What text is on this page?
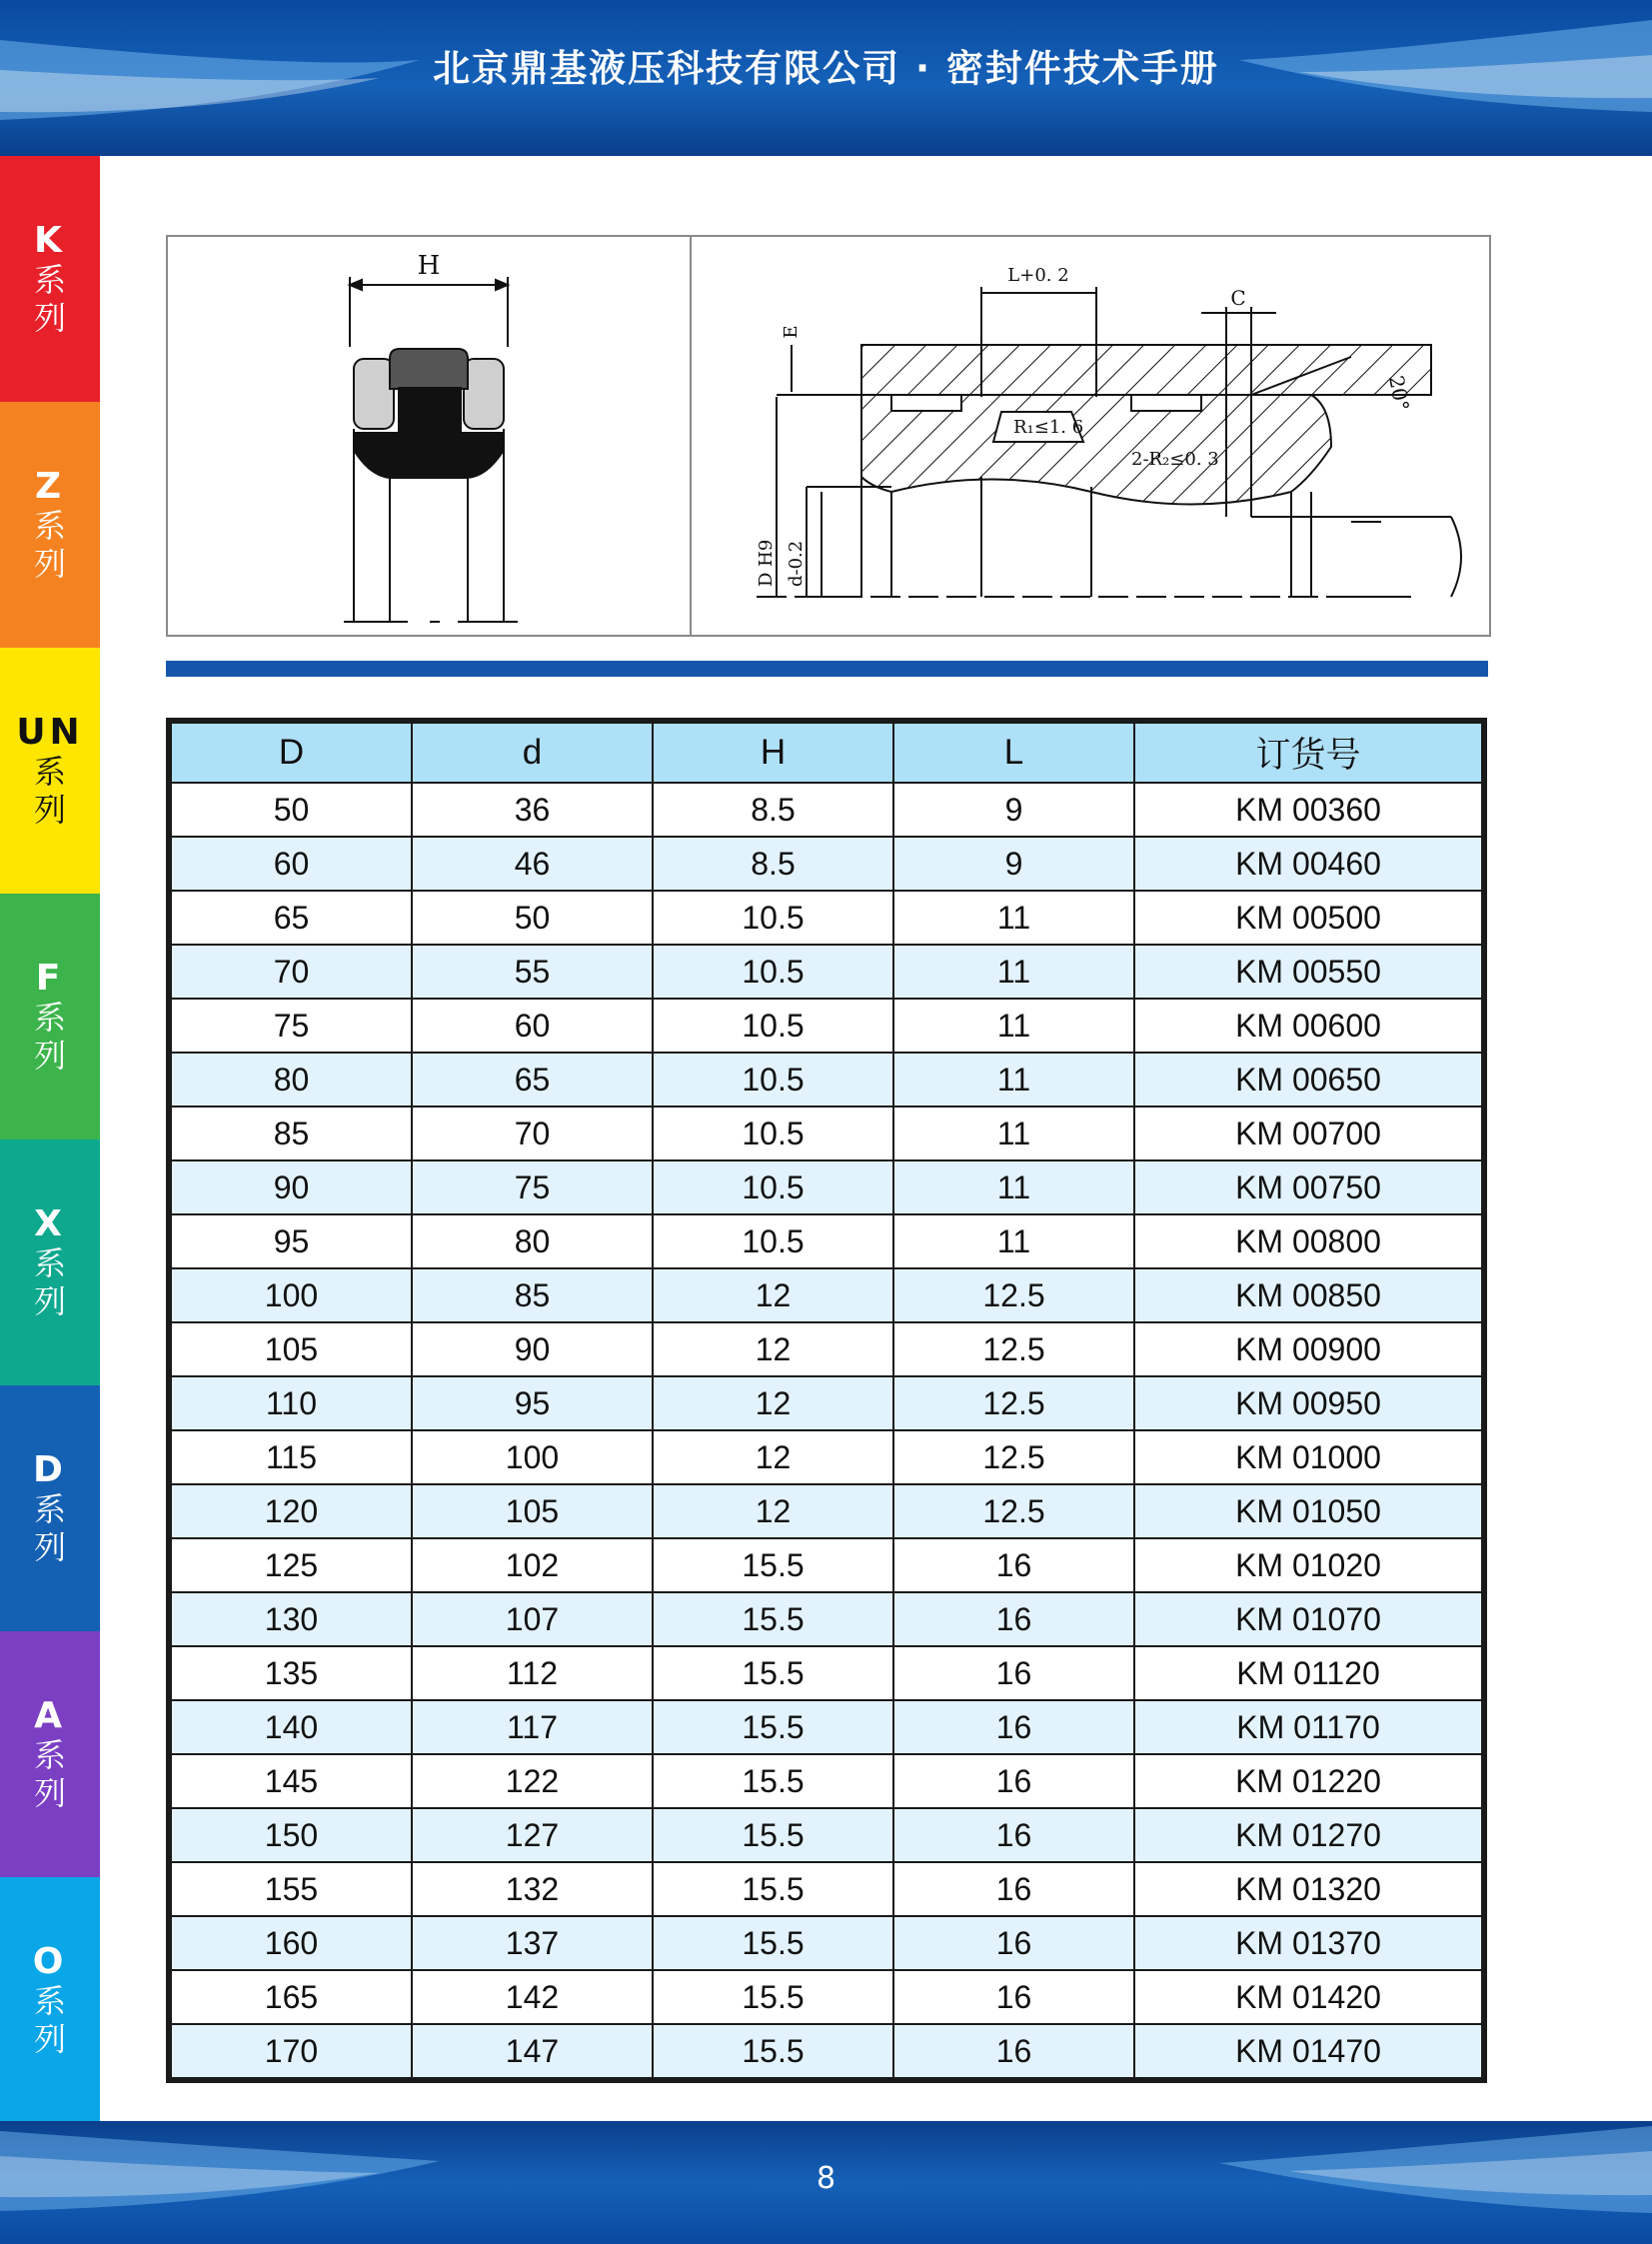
北京鼎基液压科技有限公司 · 密封件技术手册
K
系
列
Z
系
列
UN
系
列
F
系
列
X
系
列
D
系
列
A
系
列
O
系
列
H	L+0. 2
C
E
20°
R₁≤1. 6
2-R₂≤0. 3
D H9 d-0.2
D	d	H	L	订货号
50	36	8.5	9	KM 00360
60	46	8.5	9	KM 00460
65	50	10.5	11	KM 00500
70	55	10.5	11	KM 00550
75	60	10.5	11	KM 00600
80	65	10.5	11	KM 00650
85	70	10.5	11	KM 00700
90	75	10.5	11	KM 00750
95	80	10.5	11	KM 00800
100	85	12	12.5	KM 00850
105	90	12	12.5	KM 00900
110	95	12	12.5	KM 00950
115	100	12	12.5	KM 01000
120	105	12	12.5	KM 01050
125	102	15.5	16	KM 01020
130	107	15.5	16	KM 01070
135	112	15.5	16	KM 01120
140	117	15.5	16	KM 01170
145	122	15.5	16	KM 01220
150	127	15.5	16	KM 01270
155	132	15.5	16	KM 01320
160	137	15.5	16	KM 01370
165	142	15.5	16	KM 01420
170	147	15.5	16	KM 01470
8
